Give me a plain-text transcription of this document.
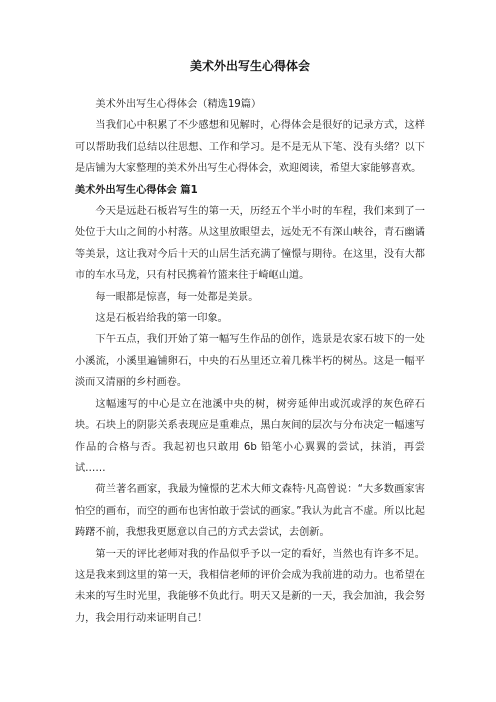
美术外出写生心得体会

美术外出写生心得体会（精选19篇）

当我们心中积累了不少感想和见解时，心得体会是很好的记录方式，这样可以帮助我们总结以往思想、工作和学习。是不是无从下笔、没有头绪？以下是店铺为大家整理的美术外出写生心得体会，欢迎阅读，希望大家能够喜欢。

美术外出写生心得体会 篇1

今天是远赴石板岩写生的第一天，历经五个半小时的车程，我们来到了一处位于大山之间的小村落。从这里放眼望去，远处无不有深山峡谷，青石幽谲等美景，这让我对今后十天的山居生活充满了憧憬与期待。在这里，没有大都市的车水马龙，只有村民携着竹篮来往于崎岖山道。

每一眼都是惊喜，每一处都是美景。

这是石板岩给我的第一印象。

下午五点，我们开始了第一幅写生作品的创作，选景是农家石坡下的一处小溪流，小溪里遍铺卵石，中央的石丛里还立着几株半朽的树丛。这是一幅平淡而又清丽的乡村画卷。

这幅速写的中心是立在池溪中央的树，树旁延伸出或沉或浮的灰色碎石块。石块上的阴影关系表现应是重难点，黑白灰间的层次与分布决定一幅速写作品的合格与否。我起初也只敢用 6b 铅笔小心翼翼的尝试，抹消，再尝试……

荷兰著名画家，我最为憧憬的艺术大师文森特·凡高曾说：“大多数画家害怕空的画布，而空的画布也害怕敢于尝试的画家。”我认为此言不虚。所以比起踌躇不前，我想我更愿意以自己的方式去尝试，去创新。

第一天的评比老师对我的作品似乎予以一定的看好，当然也有许多不足。这是我来到这里的第一天，我相信老师的评价会成为我前进的动力。也希望在未来的写生时光里，我能够不负此行。明天又是新的一天，我会加油，我会努力，我会用行动来证明自己！
